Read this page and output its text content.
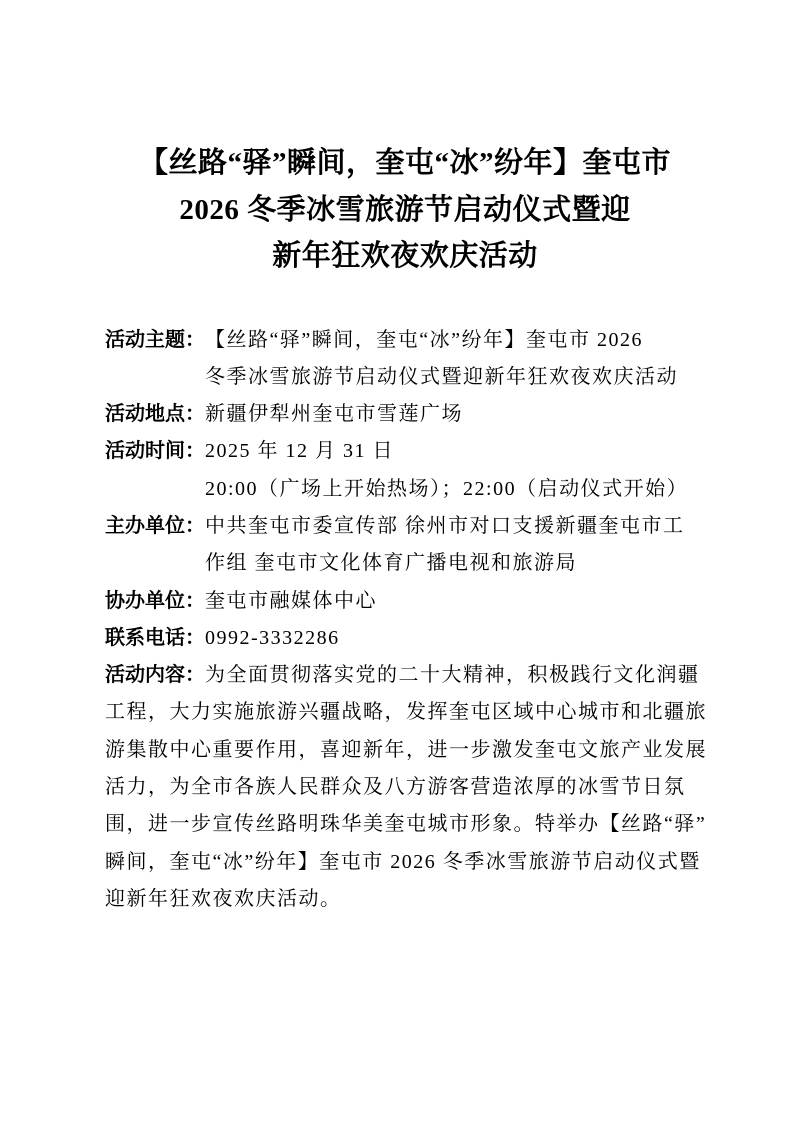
【丝路“驿”瞬间，奎屯“冰”纷年】奎屯市
2026 冬季冰雪旅游节启动仪式暨迎
新年狂欢夜欢庆活动
活动主题：【丝路“驿”瞬间，奎屯“冰”纷年】奎屯市 2026
冬季冰雪旅游节启动仪式暨迎新年狂欢夜欢庆活动
活动地点：新疆伊犁州奎屯市雪莲广场
活动时间：2025 年 12 月 31 日
20:00（广场上开始热场）；22:00（启动仪式开始）
主办单位：中共奎屯市委宣传部 徐州市对口支援新疆奎屯市工
作组 奎屯市文化体育广播电视和旅游局
协办单位：奎屯市融媒体中心
联系电话：0992-3332286
活动内容：为全面贯彻落实党的二十大精神，积极践行文化润疆
工程，大力实施旅游兴疆战略，发挥奎屯区域中心城市和北疆旅
游集散中心重要作用，喜迎新年，进一步激发奎屯文旅产业发展
活力，为全市各族人民群众及八方游客营造浓厚的冰雪节日氛
围，进一步宣传丝路明珠华美奎屯城市形象。特举办【丝路“驿”
瞬间，奎屯“冰”纷年】奎屯市 2026 冬季冰雪旅游节启动仪式暨
迎新年狂欢夜欢庆活动。
